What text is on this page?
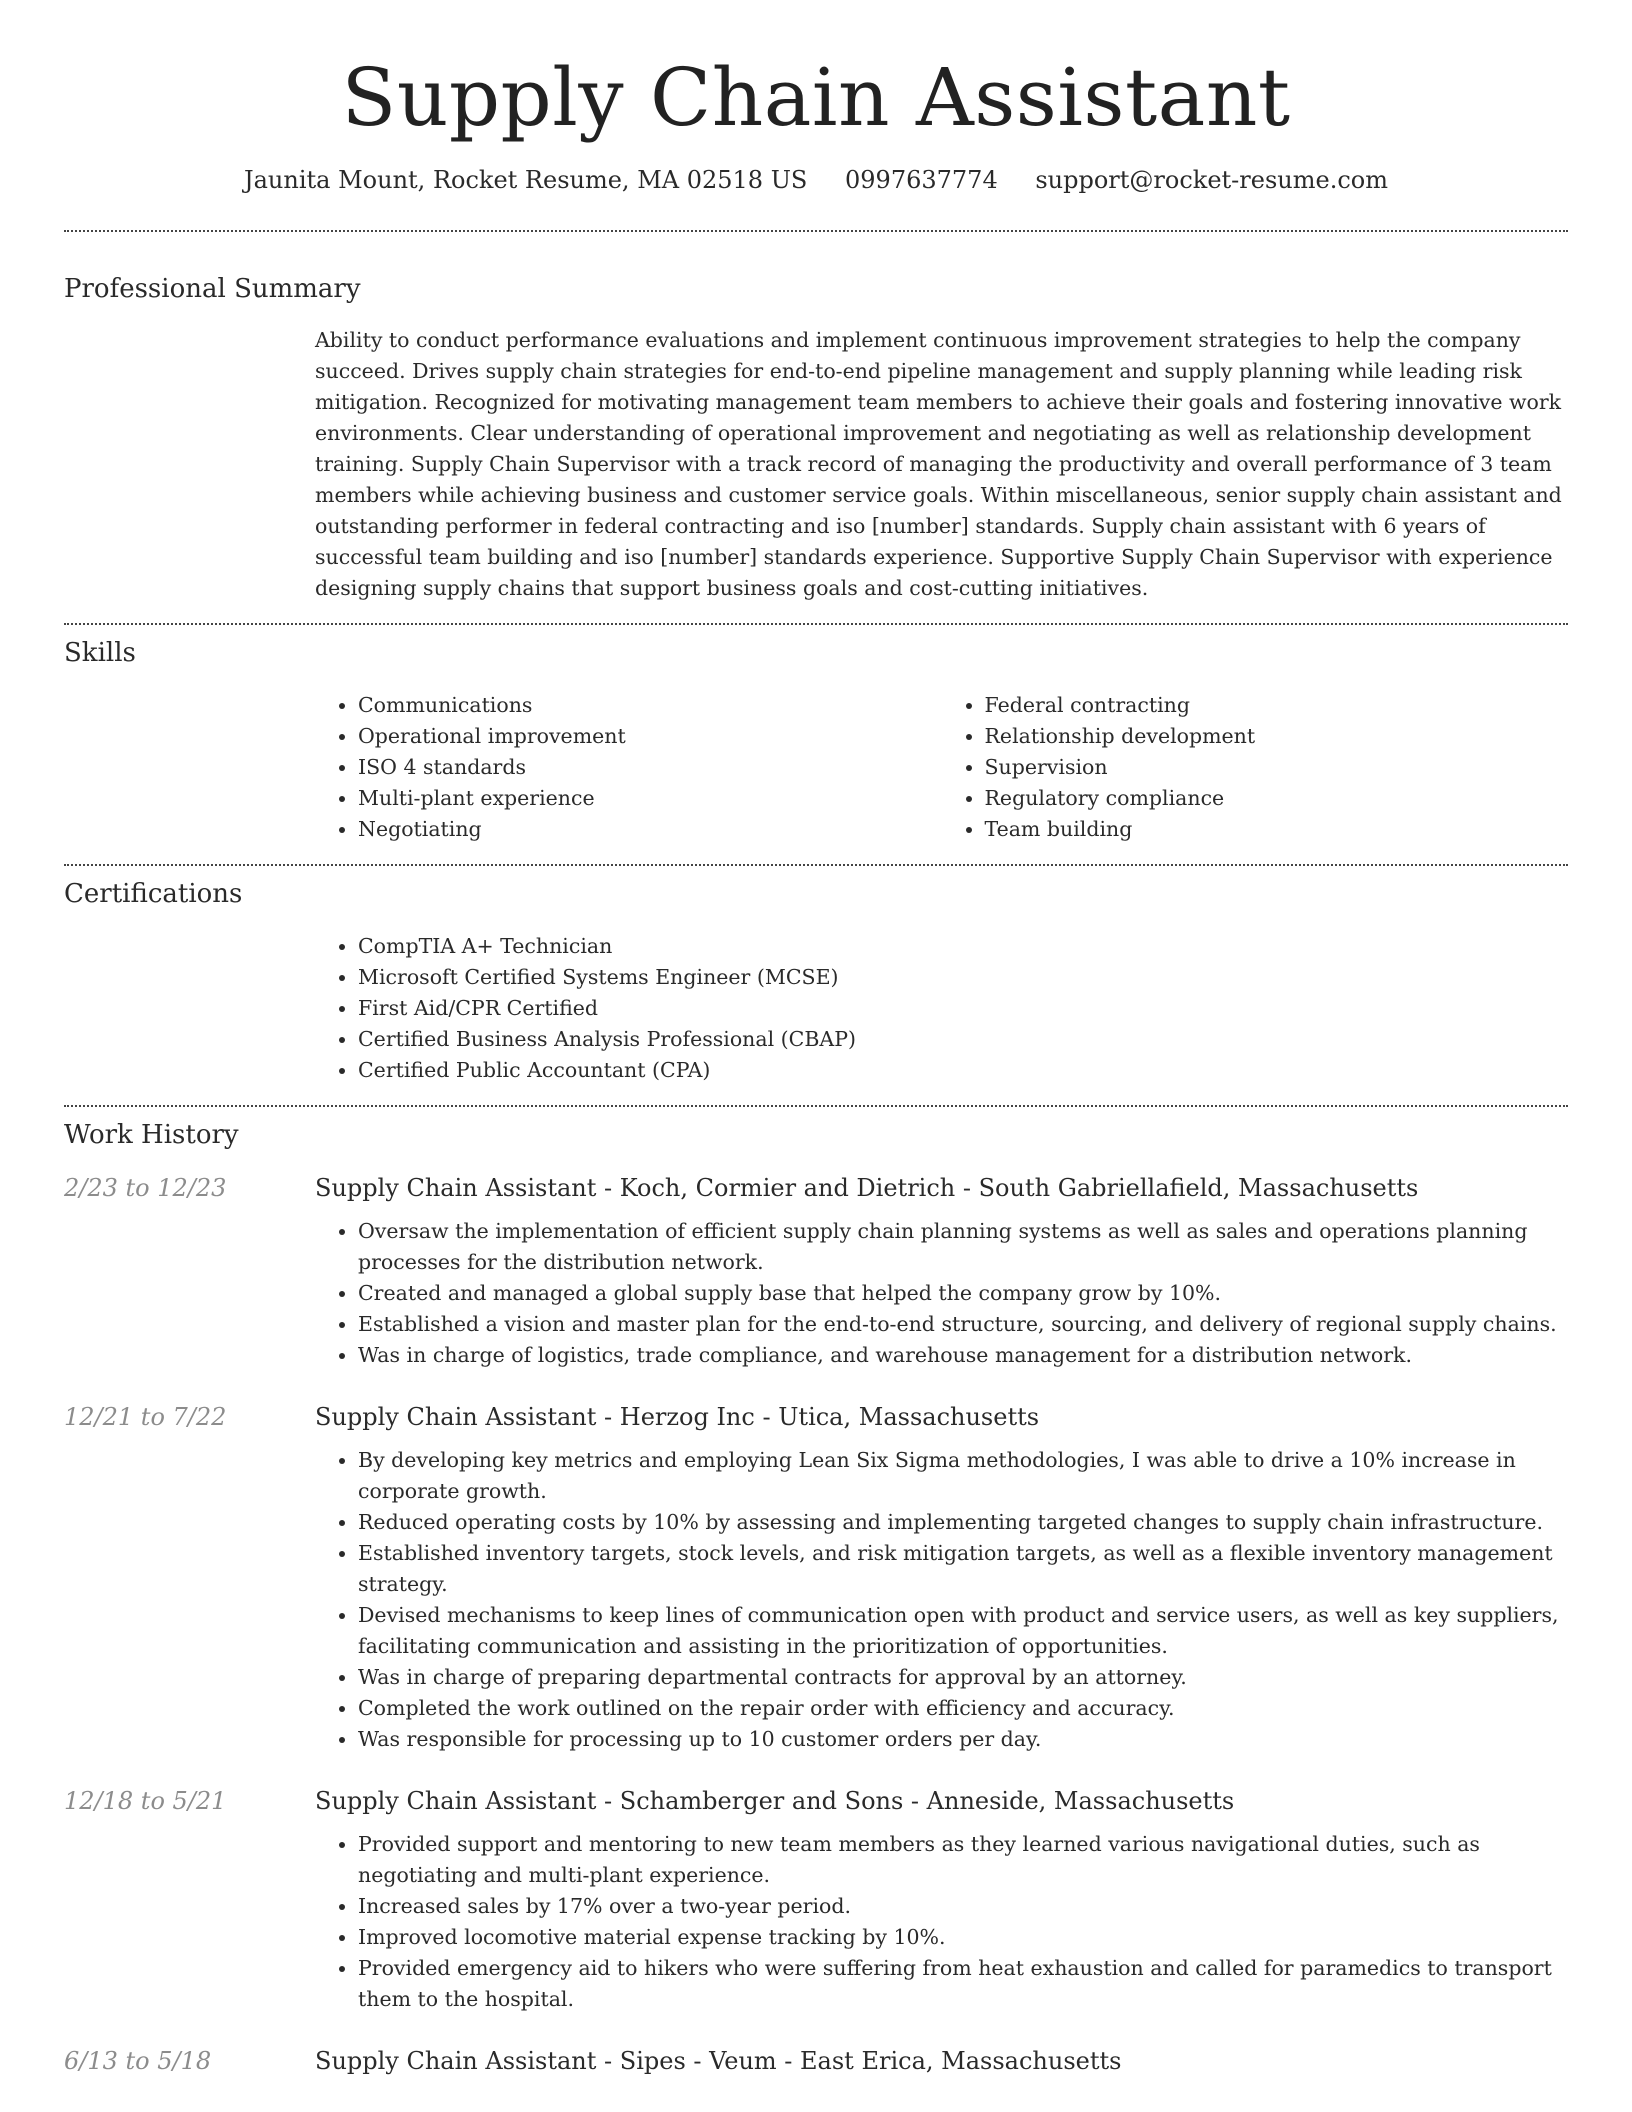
Supply Chain Assistant
Jaunita Mount, Rocket Resume, MA 02518 US 0997637774 support@rocket-resume.com
Professional Summary

Ability to conduct performance evaluations and implement continuous improvement strategies to help the company succeed. Drives supply chain strategies for end-to-end pipeline management and supply planning while leading risk mitigation. Recognized for motivating management team members to achieve their goals and fostering innovative work environments. Clear understanding of operational improvement and negotiating as well as relationship development training. Supply Chain Supervisor with a track record of managing the productivity and overall performance of 3 team members while achieving business and customer service goals. Within miscellaneous, senior supply chain assistant and outstanding performer in federal contracting and iso [number] standards. Supply chain assistant with 6 years of successful team building and iso [number] standards experience. Supportive Supply Chain Supervisor with experience designing supply chains that support business goals and cost-cutting initiatives.

Skills
• Communications
• Operational improvement
• ISO 4 standards
• Multi-plant experience
• Negotiating
• Federal contracting
• Relationship development
• Supervision
• Regulatory compliance
• Team building
Certifications
• CompTIA A+ Technician
• Microsoft Certified Systems Engineer (MCSE)
• First Aid/CPR Certified
• Certified Business Analysis Professional (CBAP)
• Certified Public Accountant (CPA)
Work History
2/23 to 12/23	Supply Chain Assistant - Koch, Cormier and Dietrich - South Gabriellafield, Massachusetts
• Oversaw the implementation of efficient supply chain planning systems as well as sales and operations planning processes for the distribution network.
• Created and managed a global supply base that helped the company grow by 10%.
• Established a vision and master plan for the end-to-end structure, sourcing, and delivery of regional supply chains.
• Was in charge of logistics, trade compliance, and warehouse management for a distribution network.
12/21 to 7/22	Supply Chain Assistant - Herzog Inc - Utica, Massachusetts
• By developing key metrics and employing Lean Six Sigma methodologies, I was able to drive a 10% increase in corporate growth.
• Reduced operating costs by 10% by assessing and implementing targeted changes to supply chain infrastructure.
• Established inventory targets, stock levels, and risk mitigation targets, as well as a flexible inventory management strategy.
• Devised mechanisms to keep lines of communication open with product and service users, as well as key suppliers, facilitating communication and assisting in the prioritization of opportunities.
• Was in charge of preparing departmental contracts for approval by an attorney.
• Completed the work outlined on the repair order with efficiency and accuracy.
• Was responsible for processing up to 10 customer orders per day.
12/18 to 5/21	Supply Chain Assistant - Schamberger and Sons - Anneside, Massachusetts
• Provided support and mentoring to new team members as they learned various navigational duties, such as negotiating and multi-plant experience.
• Increased sales by 17% over a two-year period.
• Improved locomotive material expense tracking by 10%.
• Provided emergency aid to hikers who were suffering from heat exhaustion and called for paramedics to transport them to the hospital.
6/13 to 5/18	Supply Chain Assistant - Sipes - Veum - East Erica, Massachusetts
